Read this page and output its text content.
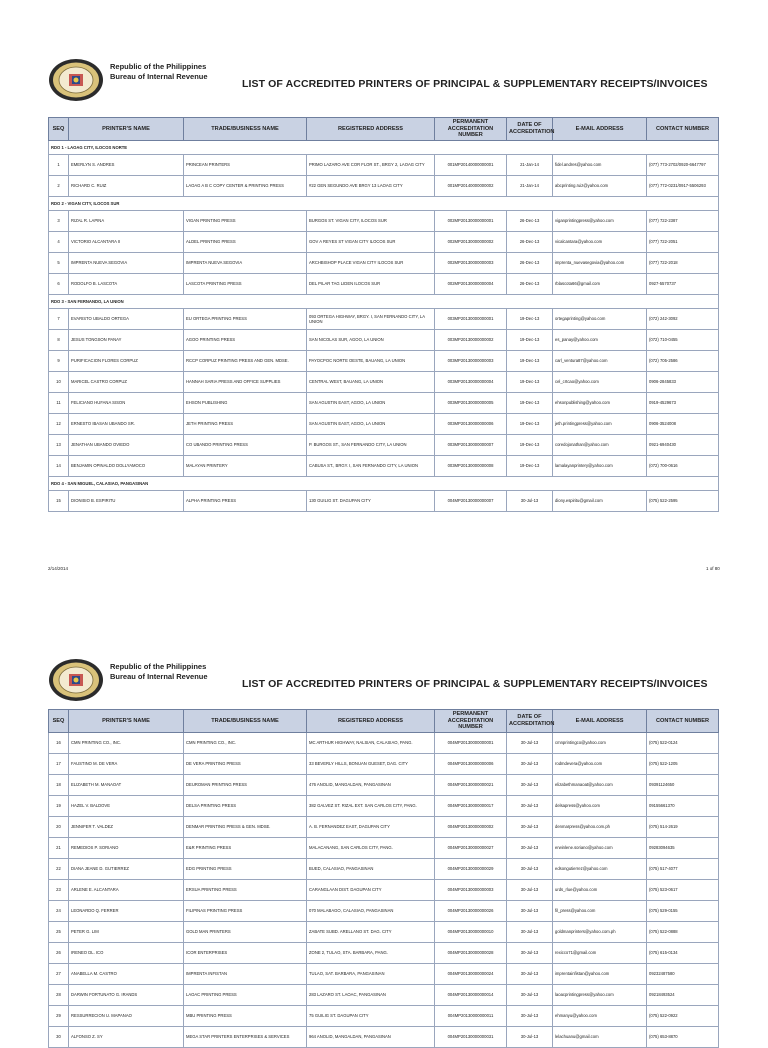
Republic of the Philippines
Bureau of Internal Revenue
LIST OF ACCREDITED PRINTERS OF PRINCIPAL & SUPPLEMENTARY RECEIPTS/INVOICES
SEQ	PRINTER'S NAME	TRADE/BUSINESS NAME	REGISTERED ADDRESS	PERMANENT ACCREDITATION NUMBER	DATE OF ACCREDITATION	E-MAIL ADDRESS	CONTACT NUMBER
RDO 1 - LAOAG CITY, ILOCOS NORTE							
1	EMERLYN S. ANDRES	PRINCEAN PRINTERS	PRIMO LAZARO AVE COR FLOR ST., BRGY 2, LAOAG CITY	001MP20140000000001	21-Jan-14	fidel.andres@yahoo.com	(077) 773-2702/0920-6647797
2	RICHARD C. RUIZ	LAOAG A B C COPY CENTER & PRINTING PRESS	#22 GEN SEGUNDO AVE BRGY 13 LAOAG CITY	001MP20140000000002	21-Jan-14	abcprinting.ruiz@yahoo.com	(077) 772-0231/0917-5506293
RDO 2 - VIGAN CITY, ILOCOS SUR							
3	RIZAL R. LAPINA	VIGAN PRINTING PRESS	BURGOS ST. VIGAN CITY, ILOCOS SUR	002MP20130000000001	26-Dec-13	viganprintingpress@yahoo.com	(077) 722-2387
4	VICTORIO ALCANTARA II	ALDEL PRINTING PRESS	GOV A REYES ST VIGAN CITY ILOCOS SUR	002MP20130000000002	26-Dec-13	vicalcantara@yahoo.com	(077) 722-2051
5	IMPRENTA NUEVA SEGOVIA	IMPRENTA NUEVA SEGOVIA	ARCHBISHOP PLACE VIGAN CITY ILOCOS SUR	002MP20130000000003	26-Dec-13	imprenta_nuevasegovia@yahoo.com	(077) 722-2018
6	RODOLFO B. LASCOTA	LASCOTA PRINTING PRESS	DEL PILAR TAG LIDEN ILOCOS SUR	002MP20130000000004	26-Dec-13	rblascota66@gmail.com	0927-5570737
RDO 3 - SAN FERNANDO, LA UNION							
7	EVARISTO UBALDO ORTEGA	EU ORTEGA PRINTING PRESS	093 ORTEGA HIGHWAY, BRGY. I, SAN FERNANDO CITY, LA UNION	003MP20130000000001	19-Dec-13	ortegaprinting@yahoo.com	(072) 242-3092
8	JESUS TONGSON PANAY	AGOO PRINTING PRESS	SAN NICOLAS SUR, AGOO, LA UNION	003MP20130000000002	19-Dec-13	es_panay@yahoo.com	(072) 710-0455
9	PURIFICACION FLORES CORPUZ	RCCP CORPUZ PRINTING PRESS AND GEN. MDSE.	PAYOCPOC NORTE OESTE, BAUANG, LA UNION	003MP20130000000003	19-Dec-13	carl_ventura87@yahoo.com	(072) 705-2586
10	MARICEL CASTRO CORPUZ	HANNAH SARIA PRESS AND OFFICE SUPPLIES	CENTRAL WEST, BAUANG, LA UNION	003MP20130000000004	19-Dec-13	cel_crtcao@yahoo.com	0906-2845833
11	FELICIANO HUFANA SISON	EHSON PUBLISHING	SAN AGUSTIN EAST, AGOO, LA UNION	003MP20130000000005	19-Dec-13	ehsonpublishing@yahoo.com	0919-4529673
12	ERNESTO IBASAN UBANDO SR.	JETH PRINTING PRESS	SAN AGUSTIN EAST, AGOO, LA UNION	003MP20130000000006	19-Dec-13	jeth.printingpress@yahoo.com	0906-3524008
13	JENATHAN UBANDO OVIEDO	CO UBANDO PRINTING PRESS	P. BURGOS ST., SAN FERNANDO CITY, LA UNION	003MP20130000000007	19-Dec-13	coredojonathan@yahoo.com	0921-6940430
14	BENJAMIN OPINALDO DOLLYAMOCO	MALAYAN PRINTERY	CABUSA ST., BRGY. I, SAN FERNANDO CITY, LA UNION	003MP20130000000008	19-Dec-13	lamalayanprintery@yahoo.com	(072) 700-0616
RDO 4 - SAN MIGUEL, CALASIAO, PANGASINAN							
15	DIONISIO B. ESPIRITU	ALPHA PRINTING PRESS	130 GUILIG ST. DAGUPAN CITY	004MP20130000000007	30-Jul-13	diony.espiritu@gmail.com	(075) 522-2595
2/14/2014	1 of 80
Republic of the Philippines
Bureau of Internal Revenue
LIST OF ACCREDITED PRINTERS OF PRINCIPAL & SUPPLEMENTARY RECEIPTS/INVOICES
SEQ	PRINTER'S NAME	TRADE/BUSINESS NAME	REGISTERED ADDRESS	PERMANENT ACCREDITATION NUMBER	DATE OF ACCREDITATION	E-MAIL ADDRESS	CONTACT NUMBER
16	CMN PRINTING CO., INC.	CMN PRINTING CO., INC.	MC ARTHUR HIGHWAY, NALSIAN, CALASIAO, PANG.	004MP20130000000001	30-Jul-13	cmnprintingco@yahoo.com	(075) 522-0124
17	FAUSTINO M. DE VERA	DE VERA PRINTING PRESS	33 BEVERLY HILLS, BONUAN GUESET, DAG. CITY	004MP20130000000006	30-Jul-13	rodmdevera@yahoo.com	(075) 522-1205
18	ELIZABETH M. MANAOAT	DEUROMAN PRINTING PRESS	476 ANOLID, MANGALDAN, PANGASINAN	004MP20130000000021	30-Jul-13	elizabethmanaoat@yahoo.com	09391124650
19	HAZEL V. BALDOVE	DELSA PRINTING PRESS	382 GALVEZ ST. RIZAL EXT. SAN CARLOS CITY, PANG.	004MP20130000000017	30-Jul-13	delsapress@yahoo.com	09155661370
20	JENNIFER T. VALDEZ	DENMAR PRINTING PRESS & GEN. MDSE.	A. B. FERNANDEZ EAST, DAGUPAN CITY	004MP20130000000002	30-Jul-13	denmarpress@yahoo.com.ph	(075) 514-2619
21	REMEDIOS P. SORIANO	E&R PRINTING PRESS	MALACANANG, SAN CARLOS CITY, PANG.	004MP20130000000027	30-Jul-13	erwinlene.soriano@yahoo.com	09283094635
22	DIANA JEANE D. GUTIERREZ	EDG PRINTING PRESS	BUED, CALASIAO, PANGASINAN	004MP20130000000029	30-Jul-13	edsongutierrez@yahoo.com	(075) 517-4077
23	ARLENE E. ALCANTARA	ERSUA PRINTING PRESS	CARANGLAAN DIST. DAGUPAN CITY	004MP20130000000003	30-Jul-13	urds_rlue@yahoo.com	(075) 523-0617
24	LEONARDO Q. FERRER	FILIPINAS PRINTING PRESS	070 MALABAGO, CALASIAO, PANGASINAN	004MP20130000000026	30-Jul-13	fil_press@yahoo.com	(075) 529-0155
25	PETER G. LIM	GOLD MAN PRINTERS	ZABATE SUBD. ARELLANO ST. DAG. CITY	004MP20130000000010	30-Jul-13	goldmanprinters@yahoo.com.ph	(075) 522-0888
26	IRENEO DL. ICO	ICOR ENTERPRISES	ZONE 2, TULAO, STA. BARBARA, PANG.	004MP20130000000028	30-Jul-13	rexicco71@gmail.com	(075) 615-0134
27	ANABELLA M. CASTRO	IMPRENTA INFISTAN	TULAO, SAT. BARBARA, PANGASINAN	004MP20130000000024	30-Jul-13	imprentainfistan@yahoo.com	09232487580
28	DARWIN FORTUNATO G. IRANDS	LAOAC PRINTING PRESS	283 LAZARO ST. LAOAC, PANGASINAN	004MP20130000000014	30-Jul-13	laoacprintingpress@yahoo.com	09218493524
29	RESSURRECION U. MAPANAO	MBU PRINTING PRESS	75 GUILIG ST. DAGUPAN CITY	004MP20130000000011	30-Jul-13	ehmanyu@yahoo.com	(075) 522-0922
30	ALFONSO Z. SY	MEGA STAR PRINTERS ENTERPRISES & SERVICES	964 ANOLID, MANGALDAN, PANGASINAN	004MP20130000000031	30-Jul-13	lelachuanu@gmail.com	(075) 653-8870
